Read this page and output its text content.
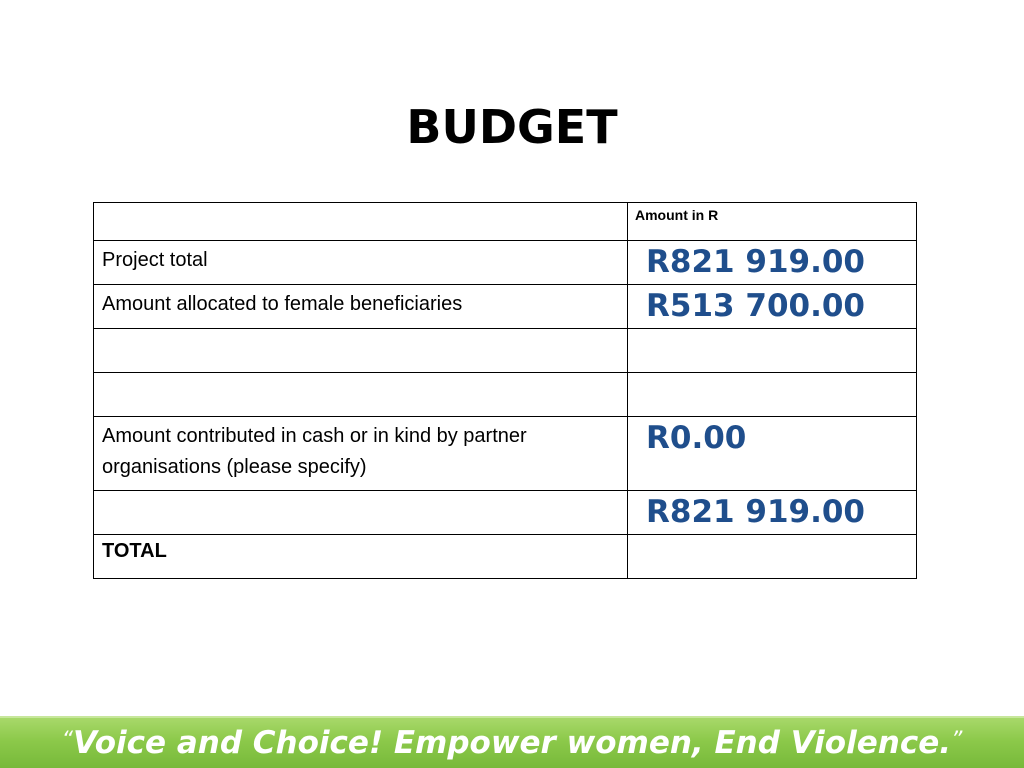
BUDGET

	Amount in R

Project total	R821 919.00

Amount allocated to female beneficiaries	R513 700.00

Amount contributed in cash or in kind by partner organisations (please specify)	R0.00

	R821 919.00

TOTAL	

“Voice and Choice! Empower women, End Violence.”
